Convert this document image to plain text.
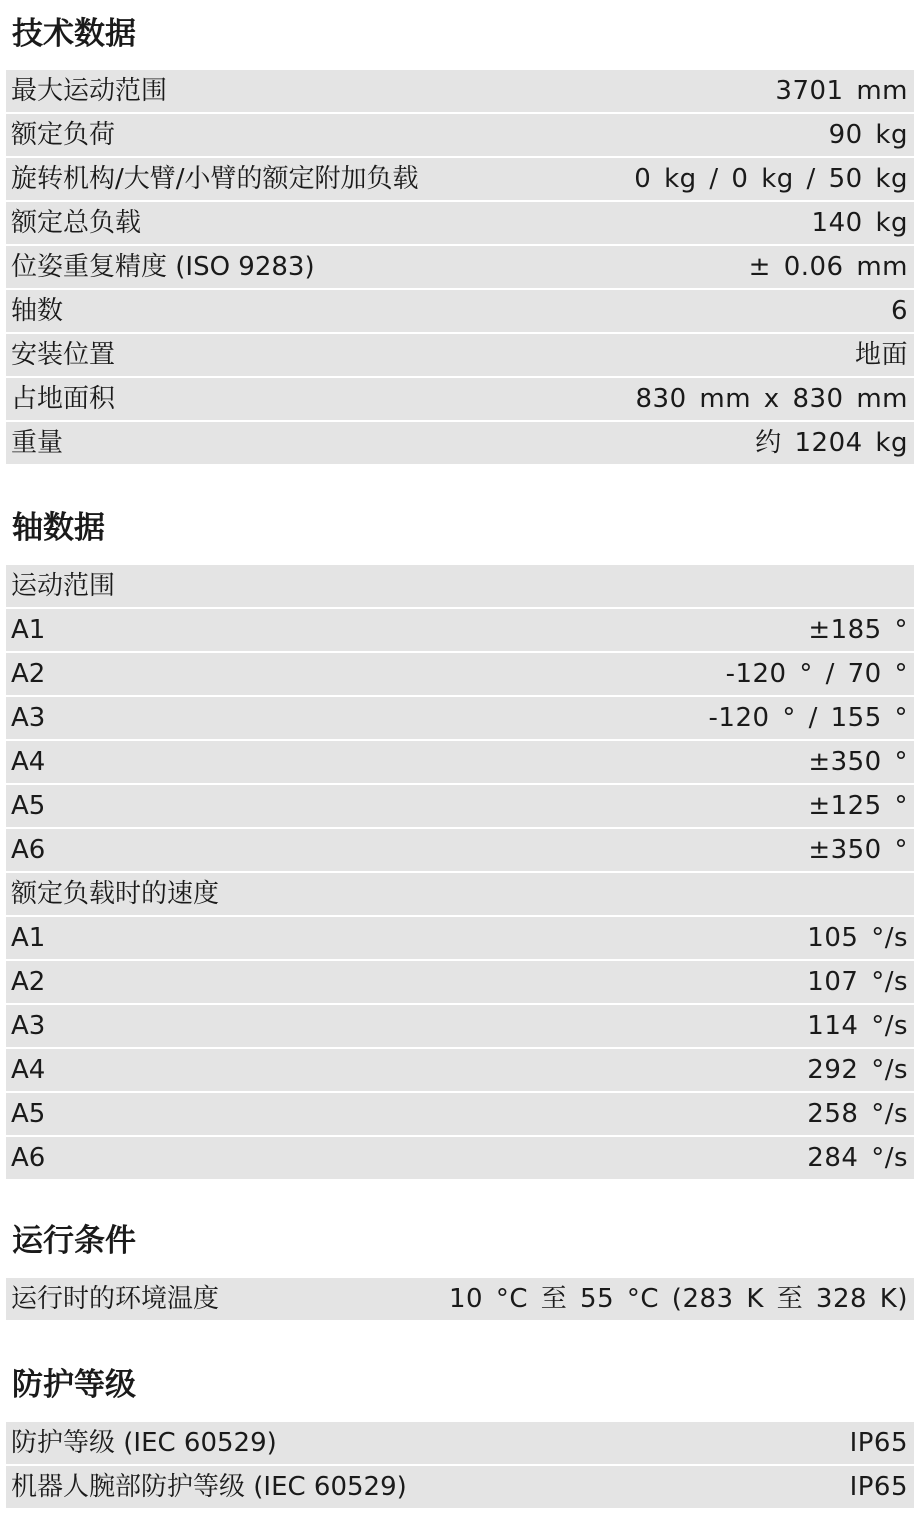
技术数据
最大运动范围	3701 mm
额定负荷	90 kg
旋转机构/大臂/小臂的额定附加负载	0 kg / 0 kg / 50 kg
额定总负载	140 kg
位姿重复精度 (ISO 9283)	± 0.06 mm
轴数	6
安装位置	地面
占地面积	830 mm x 830 mm
重量	约 1204 kg
轴数据
运动范围
A1	±185 °
A2	-120 ° / 70 °
A3	-120 ° / 155 °
A4	±350 °
A5	±125 °
A6	±350 °
额定负载时的速度
A1	105 °/s
A2	107 °/s
A3	114 °/s
A4	292 °/s
A5	258 °/s
A6	284 °/s
运行条件
运行时的环境温度	10 °C 至 55 °C (283 K 至 328 K)
防护等级
防护等级 (IEC 60529)	IP65
机器人腕部防护等级 (IEC 60529)	IP65
